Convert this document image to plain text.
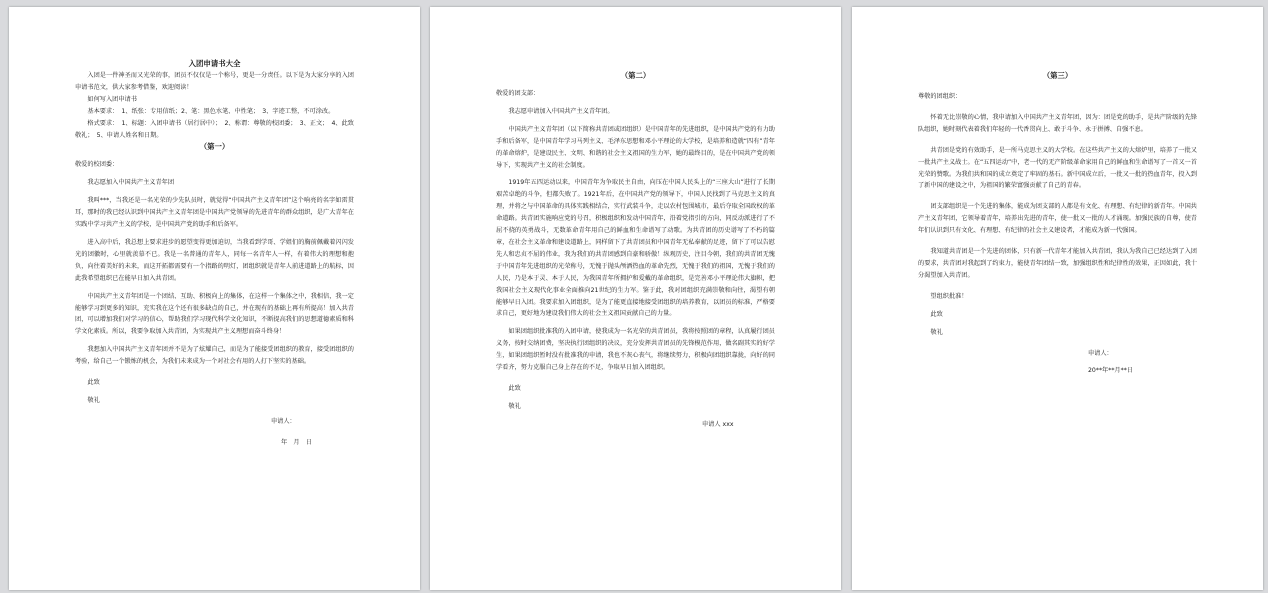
入团申请书大全

入团是一件神圣而又光荣的事，团员不仅仅是一个称号，更是一分责任。以下是为大家分享的入团申请书范文，供大家参考借鉴，欢迎阅读！

如何写入团申请书

基本要求：　1、纸张：专用信纸；2、笔：黑色水笔、中性笔；　3、字迹工整，不可涂改。

格式要求：　1、标题：入团申请书（居行居中）；　2、称谓：尊敬的校团委；　3、正文；　4、此致　敬礼；　5、申请人姓名和日期。

（第一）

敬爱的校团委：

我志愿加入中国共产主义青年团

我叫***，当我还是一名光荣的少先队员时，就觉得“中国共产主义青年团”这个响亮的名字如雷贯耳，那时的我已经认识到中国共产主义青年团是中国共产党领导的先进青年的群众组织，是广大青年在实践中学习共产主义的学校，是中国共产党的助手和后备军。

进入高中后，我总想上要求进步的愿望变得更加迫切，当我看到学哥、学姐们的胸前佩戴着闪闪发光的团徽时，心里就羡慕不已。我是一名普通的青年人，同每一名青年人一样，有着伟大的理想和抱负，向往着美好的未来，而这开拓都需要有一个指路的明灯，团组织就是青年人前进道路上的航标，因此我希望组织已在能早日加入共青团。

中国共产主义青年团是一个团结、互助、积极向上的集体，在这样一个集体之中，我相信，我一定能够学习到更多的知识，充实我在这个还有很多缺点的自己，并在现有的基础上再有所提高！加入共青团，可以增加我们对学习的信心，帮助我们学习现代科学文化知识，不断提高我们的思想道德素质和科学文化素质。所以，我要争取加入共青团，为实现共产主义理想而奋斗终身！

我想加入中国共产主义青年团并不是为了炫耀自己，而是为了能接受团组织的教育，接受团组织的考验，给自己一个锻炼的机会，为我们未来成为一个对社会有用的人打下坚实的基础。

此致

敬礼

申请人：

年　月　日

（第二）

敬爱的团支部：

我志愿申请加入中国共产主义青年团。

中国共产主义青年团（以下简称共青团或团组织）是中国青年的先进组织，是中国共产党的有力助手和后备军，是中国青年学习马列主义、毛泽东思想和邓小平理论的大学校，是培养和造就“四有”青年的革命熔炉，是建设民主、文明、和谐的社会主义祖国的生力军，她的最终目的，是在中国共产党的领导下，实现共产主义的社会制度。

1919年五四运动以来，中国青年为争取民主自由，向压在中国人民头上的“三座大山”进行了长期艰苦卓绝的斗争，但都失败了。1921年后，在中国共产党的领导下，中国人民找到了马克思主义的真理，并将之与中国革命的具体实践相结合，实行武装斗争，走以农村包围城市，最后夺取全国政权的革命道路。共青团实施响应党的号召，积极组织和发动中国青年，沿着党指引的方向，同反动派进行了不屈不挠的英勇战斗，无数革命青年用自己的鲜血和生命谱写了动歌。为共青团的历史谱写了不朽的篇章，在社会主义革命和建设道路上，同样留下了共青团员和中国青年无私奉献的足迹，留下了可以告慰先人和忠贞不屈的伟业，我为我们的共青团感到自豪和骄傲！纵观历史，注目今朝，我们的共青团无愧于中国青年先进组织的光荣称号，无愧于抛头颅洒热血的革命先烈，无愧于我们的祖国，无愧于我们的人民，乃是本于灵、本于人民，为我国青年所拥护和爱戴的革命组织，是完善邓小平理论伟大旗帜，把我国社会主义现代化事业全面推向21世纪的生力军。鉴于此，我对团组织充满崇敬和向往，渴望有朝能够早日入团。我要求加入团组织，是为了能更直接地接受团组织的培养教育，以团员的标准，严格要求自己，更好地为建设我们伟大的社会主义祖国贡献自己的力量。

如果团组织批准我的入团申请，使我成为一名光荣的共青团员，我将按照团的章程，认真履行团员义务，按时交纳团费，坚决执行团组织的决议，充分发挥共青团员的先锋模范作用，做名副其实的好学生，如果团组织暂时没有批准我的申请，我也不灰心丧气，将继续努力，积极向团组织靠拢，向好的同学看齐，努力克服自己身上存在的不足，争取早日加入团组织。

此致

敬礼

申请人 xxx

（第三）

尊敬的团组织：

怀着无比崇敬的心情，我申请加入中国共产主义青年团，因为：团是党的助手，是共产阶级的先锋队组织，她时刻代表着我们年轻的一代香贯向上、敢于斗争、永于拼搏、自强不息。

共青团是党的有效助手，是一所马克思主义的大学校。在这些共产主义的大熔炉里，培养了一批又一批共产主义战士。在“五四运动”中，老一代的无产阶级革命家用自己的鲜血和生命谱写了一首又一首光荣的赞歌。为我们共和国的成立奠定了牢固的基石。新中国成立后，一批又一批的热血青年，投入到了新中国的建设之中，为祖国的繁荣富强贡献了自己的青春。

团支部组织是一个先进的集体，能成为团支部的人都是有文化、有理想、有纪律的新青年。中国共产主义青年团，它领导着青年，培养出先进的青年，使一批又一批的人才涌现。加强民族的自尊，使青年们认识到只有文化、有理想、有纪律的社会主义建设者，才能成为新一代强国。

我知道共青团是一个先进的团体，只有新一代青年才能加入共青团，我认为我自己已经达到了入团的要求，共青团对我起到了约束力，能使青年团结一致，加强组织性和纪律性的效果，正因如此，我十分渴望加入共青团。

望组织批准！

此致

敬礼

申请人：

20**年**月**日
